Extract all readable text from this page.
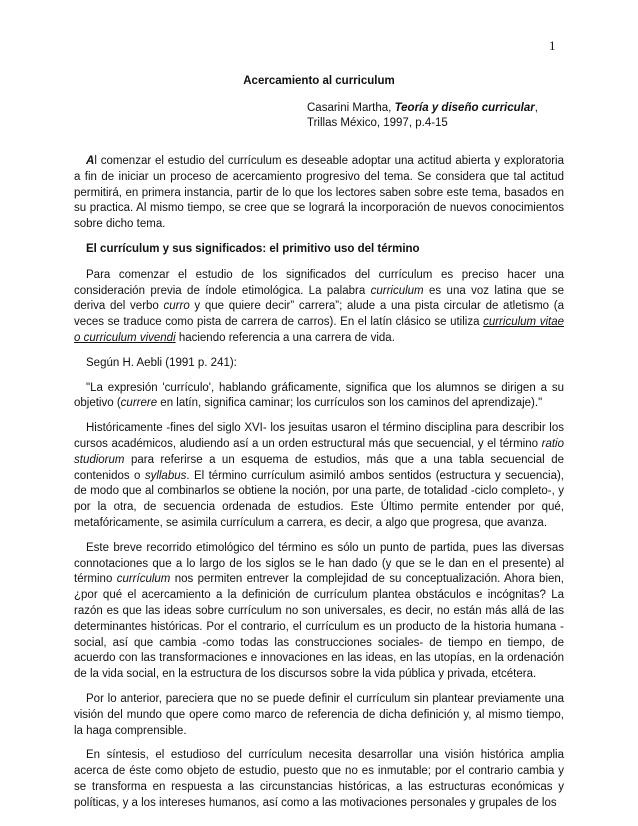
1
Acercamiento al curriculum
Casarini Martha, Teoría y diseño curricular,
Trillas México, 1997, p.4-15

Al comenzar el estudio del currículum es deseable adoptar una actitud abierta y exploratoria a fin de iniciar un proceso de acercamiento progresivo del tema. Se considera que tal actitud permitirá, en primera instancia, partir de lo que los lectores saben sobre este tema, basados en su practica. Al mismo tiempo, se cree que se logrará la incorporación de nuevos conocimientos sobre dicho tema.

El currículum y sus significados: el primitivo uso del término

Para comenzar el estudio de los significados del currículum es preciso hacer una consideración previa de índole etimológica. La palabra curriculum es una voz latina que se deriva del verbo curro y que quiere decir” carrera”; alude a una pista circular de atletismo (a veces se traduce como pista de carrera de carros). En el latín clásico se utiliza curriculum vitae o curriculum vivendi haciendo referencia a una carrera de vida.

Según H. Aebli (1991 p. 241):

"La expresión 'currículo', hablando gráficamente, significa que los alumnos se dirigen a su objetivo (currere en latín, significa caminar; los currículos son los caminos del aprendizaje)."

Históricamente -fines del siglo XVI- los jesuitas usaron el término disciplina para describir los cursos académicos, aludiendo así a un orden estructural más que secuencial, y el término ratio studiorum para referirse a un esquema de estudios, más que a una tabla secuencial de contenidos o syllabus. El término currículum asimiló ambos sentidos (estructura y secuencia), de modo que al combinarlos se obtiene la noción, por una parte, de totalidad -ciclo completo-, y por la otra, de secuencia ordenada de estudios. Este Último permite entender por qué, metafóricamente, se asimila currículum a carrera, es decir, a algo que progresa, que avanza.

Este breve recorrido etimológico del término es sólo un punto de partida, pues las diversas connotaciones que a lo largo de los siglos se le han dado (y que se le dan en el presente) al término currículum nos permiten entrever la complejidad de su conceptualización. Ahora bien, ¿por qué el acercamiento a la definición de currículum plantea obstáculos e incógnitas? La razón es que las ideas sobre currículum no son universales, es decir, no están más allá de las determinantes históricas. Por el contrario, el currículum es un producto de la historia humana - social, así que cambia -como todas las construcciones sociales- de tiempo en tiempo, de acuerdo con las transformaciones e innovaciones en las ideas, en las utopías, en la ordenación de la vida social, en la estructura de los discursos sobre la vida pública y privada, etcétera.

Por lo anterior, pareciera que no se puede definir el currículum sin plantear previamente una visión del mundo que opere como marco de referencia de dicha definición y, al mismo tiempo, la haga comprensible.

En síntesis, el estudioso del currículum necesita desarrollar una visión histórica amplia acerca de éste como objeto de estudio, puesto que no es inmutable; por el contrario cambia y se transforma en respuesta a las circunstancias históricas, a las estructuras económicas y políticas, y a los intereses humanos, así como a las motivaciones personales y grupales de los
